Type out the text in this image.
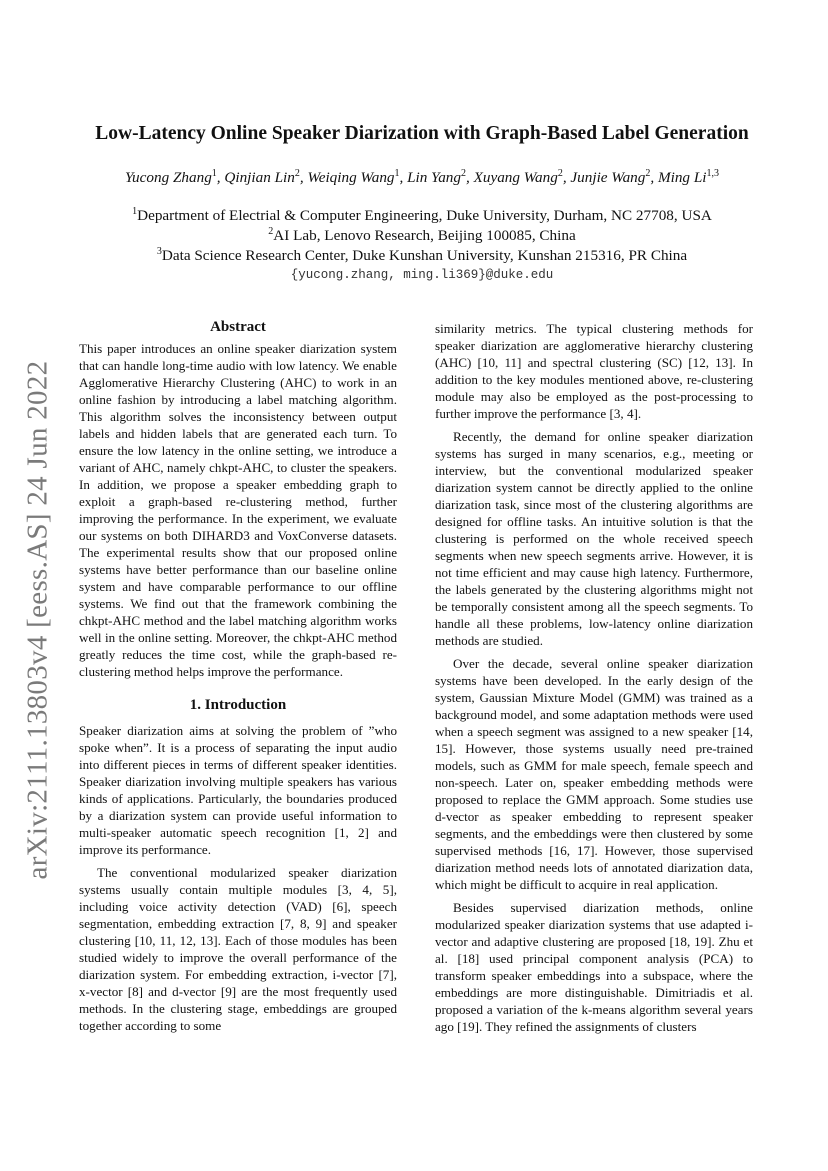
arXiv:2111.13803v4 [eess.AS] 24 Jun 2022
Low-Latency Online Speaker Diarization with Graph-Based Label Generation
Yucong Zhang$^1$, Qinjian Lin$^2$, Weiqing Wang$^1$, Lin Yang$^2$, Xuyang Wang$^2$, Junjie Wang$^2$, Ming Li$^{1,3}$
$^1$Department of Electrial & Computer Engineering, Duke University, Durham, NC 27708, USA
$^2$AI Lab, Lenovo Research, Beijing 100085, China
$^3$Data Science Research Center, Duke Kunshan University, Kunshan 215316, PR China
{yucong.zhang, ming.li369}@duke.edu
Abstract

This paper introduces an online speaker diarization system that can handle long-time audio with low latency. We enable Agglomerative Hierarchy Clustering (AHC) to work in an online fashion by introducing a label matching algorithm. This algorithm solves the inconsistency between output labels and hidden labels that are generated each turn. To ensure the low latency in the online setting, we introduce a variant of AHC, namely chkpt-AHC, to cluster the speakers. In addition, we propose a speaker embedding graph to exploit a graph-based re-clustering method, further improving the performance. In the experiment, we evaluate our systems on both DIHARD3 and VoxConverse datasets. The experimental results show that our proposed online systems have better performance than our baseline online system and have comparable performance to our offline systems. We find out that the framework combining the chkpt-AHC method and the label matching algorithm works well in the online setting. Moreover, the chkpt-AHC method greatly reduces the time cost, while the graph-based re-clustering method helps improve the performance.

1. Introduction

Speaker diarization aims at solving the problem of ”who spoke when”. It is a process of separating the input audio into different pieces in terms of different speaker identities. Speaker diarization involving multiple speakers has various kinds of applications. Particularly, the boundaries produced by a diarization system can provide useful information to multi-speaker automatic speech recognition [1, 2] and improve its performance.

The conventional modularized speaker diarization systems usually contain multiple modules [3, 4, 5], including voice activity detection (VAD) [6], speech segmentation, embedding extraction [7, 8, 9] and speaker clustering [10, 11, 12, 13]. Each of those modules has been studied widely to improve the overall performance of the diarization system. For embedding extraction, i-vector [7], x-vector [8] and d-vector [9] are the most frequently used methods. In the clustering stage, embeddings are grouped together according to some

similarity metrics. The typical clustering methods for speaker diarization are agglomerative hierarchy clustering (AHC) [10, 11] and spectral clustering (SC) [12, 13]. In addition to the key modules mentioned above, re-clustering module may also be employed as the post-processing to further improve the performance [3, 4].

Recently, the demand for online speaker diarization systems has surged in many scenarios, e.g., meeting or interview, but the conventional modularized speaker diarization system cannot be directly applied to the online diarization task, since most of the clustering algorithms are designed for offline tasks. An intuitive solution is that the clustering is performed on the whole received speech segments when new speech segments arrive. However, it is not time efficient and may cause high latency. Furthermore, the labels generated by the clustering algorithms might not be temporally consistent among all the speech segments. To handle all these problems, low-latency online diarization methods are studied.

Over the decade, several online speaker diarization systems have been developed. In the early design of the system, Gaussian Mixture Model (GMM) was trained as a background model, and some adaptation methods were used when a speech segment was assigned to a new speaker [14, 15]. However, those systems usually need pre-trained models, such as GMM for male speech, female speech and non-speech. Later on, speaker embedding methods were proposed to replace the GMM approach. Some studies use d-vector as speaker embedding to represent speaker segments, and the embeddings were then clustered by some supervised methods [16, 17]. However, those supervised diarization method needs lots of annotated diarization data, which might be difficult to acquire in real application.

Besides supervised diarization methods, online modularized speaker diarization systems that use adapted i-vector and adaptive clustering are proposed [18, 19]. Zhu et al. [18] used principal component analysis (PCA) to transform speaker embeddings into a subspace, where the embeddings are more distinguishable. Dimitriadis et al. proposed a variation of the k-means algorithm several years ago [19]. They refined the assignments of clusters
